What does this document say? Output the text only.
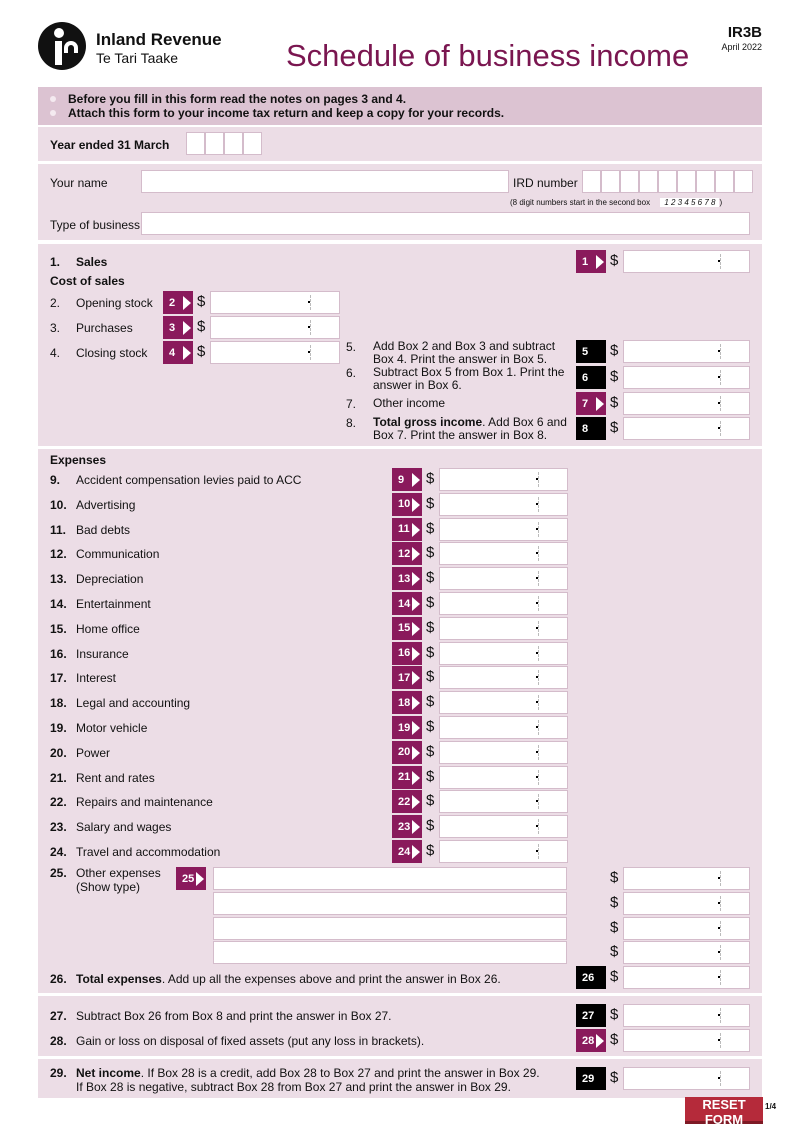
Inland Revenue
Te Tari Taake	Schedule of business income
IR3B
April 2022
Before you fill in this form read the notes on pages 3 and 4.
Attach this form to your income tax return and keep a copy for your records.
Year ended 31 March
Your name	IRD number
(8 digit numbers start in the second box 1 2 3 4 5 6 7 8 )
Type of business
1. Sales	1 $
Cost of sales
2. Opening stock 2 $
3. Purchases	3 $
4. Closing stock 4 $	5. Add Box 2 and Box 3 and subtract
Box 4. Print the answer in Box 5.
5 $
6. Subtract Box 5 from Box 1. Print the
answer in Box 6.
6 $
7. Other income	7 $
8. Total gross income. Add Box 6 and
Box 7. Print the answer in Box 8.	8 $
Expenses
9. Accident compensation levies paid to ACC	9 $
10. Advertising	10 $
11. Bad debts	11 $
12. Communication	12 $
13. Depreciation	13 $
14. Entertainment	14 $
15. Home office	15 $
16. Insurance	16 $
17. Interest	17 $
18. Legal and accounting	18 $
19. Motor vehicle	19 $
20. Power	20 $
21. Rent and rates	21 $
22. Repairs and maintenance	22 $
23. Salary and wages	23 $
24. Travel and accommodation	24 $
25. Other expenses
(Show type)
25	$
$
$
$
26. Total expenses. Add up all the expenses above and print the answer in Box 26.	26 $
27. Subtract Box 26 from Box 8 and print the answer in Box 27.	27 $
28. Gain or loss on disposal of fixed assets (put any loss in brackets).	28 $
29. Net income. If Box 28 is a credit, add Box 28 to Box 27 and print the answer in Box 29.
If Box 28 is negative, subtract Box 28 from Box 27 and print the answer in Box 29.
29 $
RESET FORM
1/4
